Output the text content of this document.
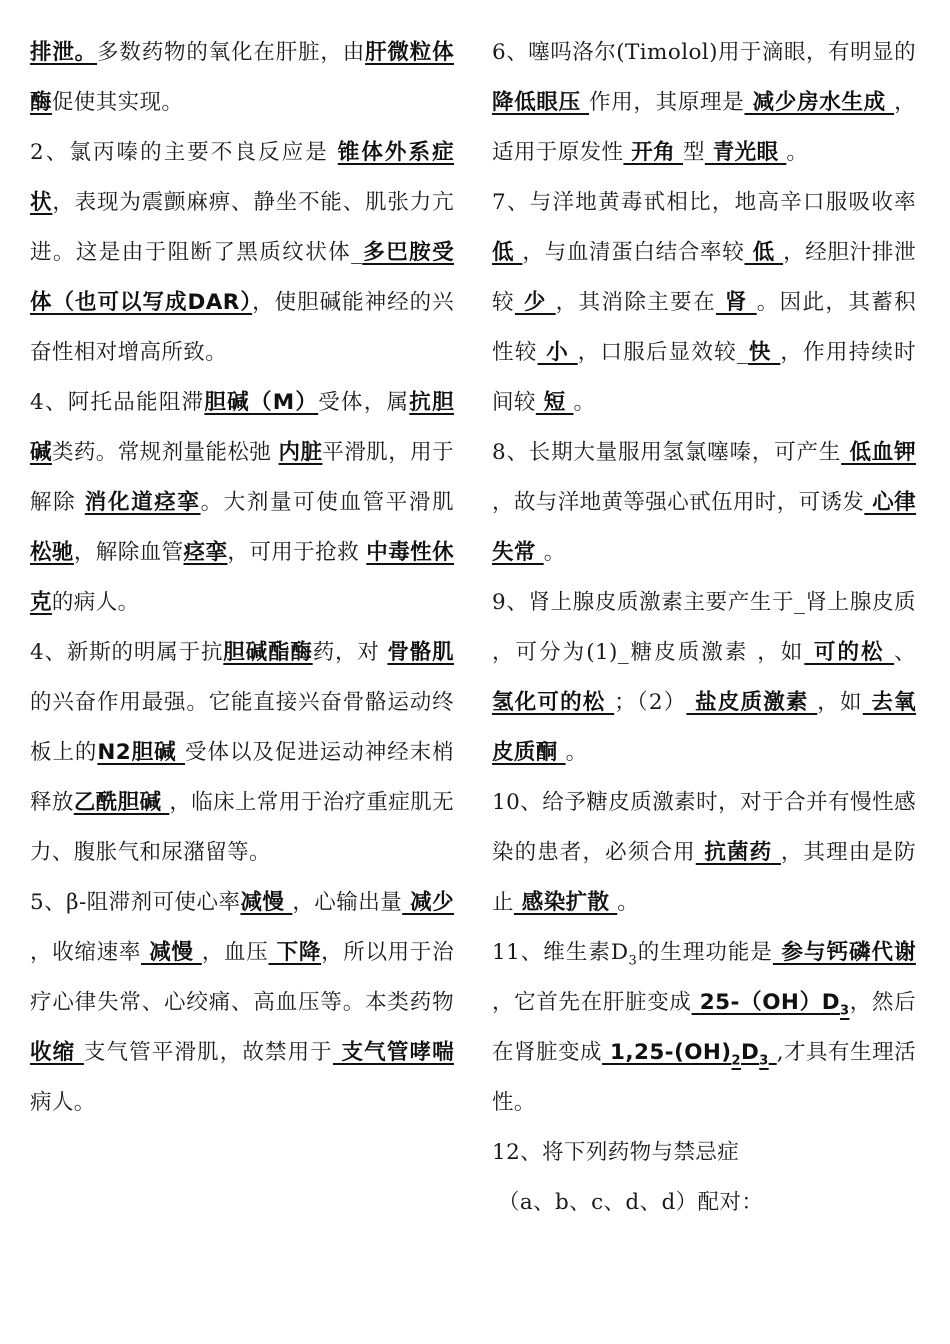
排泄。多数药物的氧化在肝脏，由肝微粒体酶促使其实现。

2、氯丙嗪的主要不良反应是 锥体外系症状，表现为震颤麻痹、静坐不能、肌张力亢进。这是由于阻断了黑质纹状体_多巴胺受体（也可以写成DAR），使胆碱能神经的兴奋性相对增高所致。

4、阿托品能阻滞胆碱（M）受体，属抗胆碱类药。常规剂量能松弛 内脏平滑肌，用于解除 消化道痉挛。大剂量可使血管平滑肌 松驰，解除血管痉挛，可用于抢救 中毒性休克的病人。

4、新斯的明属于抗胆碱酯酶药，对 骨骼肌 的兴奋作用最强。它能直接兴奋骨骼运动终板上的N2胆碱 受体以及促进运动神经末梢释放乙酰胆碱 ，临床上常用于治疗重症肌无力、腹胀气和尿潴留等。

5、β-阻滞剂可使心率减慢 ，心输出量 减少 ，收缩速率 减慢 ，血压 下降，所以用于治疗心律失常、心绞痛、高血压等。本类药物 收缩 支气管平滑肌，故禁用于 支气管哮喘 病人。

6、噻吗洛尔(Timolol)用于滴眼，有明显的 降低眼压 作用，其原理是 减少房水生成 ，适用于原发性 开角 型 青光眼 。

7、与洋地黄毒甙相比，地高辛口服吸收率 低 ，与血清蛋白结合率较 低 ，经胆汁排泄较 少 ，其消除主要在 肾 。因此，其蓄积性较 小 ，口服后显效较_快 ，作用持续时间较 短 。

8、长期大量服用氢氯噻嗪，可产生 低血钾 ，故与洋地黄等强心甙伍用时，可诱发 心律失常 。

9、肾上腺皮质激素主要产生于_肾上腺皮质 ，可分为(1)_糖皮质激素 ，如 可的松 、 氢化可的松 ；（2） 盐皮质激素 ，如 去氧皮质酮 。

10、给予糖皮质激素时，对于合并有慢性感染的患者，必须合用 抗菌药 ，其理由是防止 感染扩散 。

11、维生素$D_3$的生理功能是 参与钙磷代谢 ，它首先在肝脏变成 $25-(OH)D_3$，然后在肾脏变成 $1,25-(OH)_2D_3$ ,才具有生理活性。

12、将下列药物与禁忌症

（a、b、c、d、d）配对：
